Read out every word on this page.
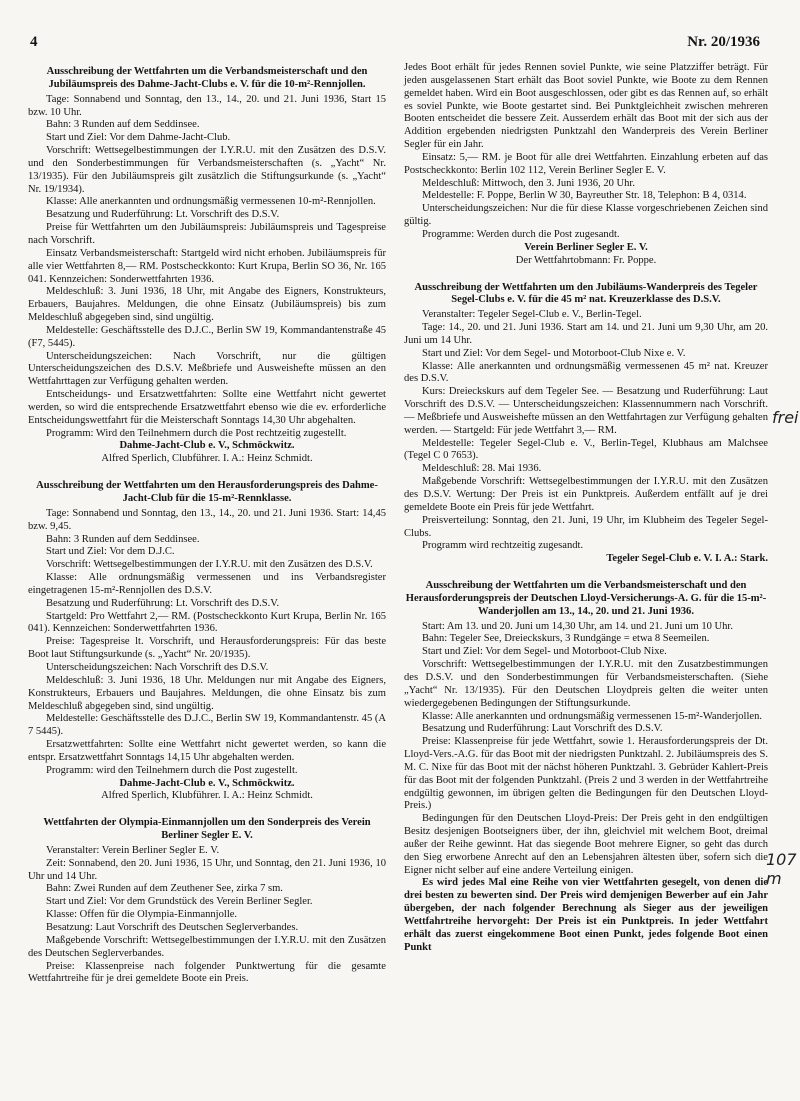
4	Nr. 20/1936
Ausschreibung der Wettfahrten um die Verbandsmeisterschaft und den Jubiläumspreis des Dahme-Jacht-Clubs e. V. für die 10-m²-Rennjollen.

Tage: Sonnabend und Sonntag, den 13., 14., 20. und 21. Juni 1936, Start 15 bzw. 10 Uhr.

Bahn: 3 Runden auf dem Seddinsee.

Start und Ziel: Vor dem Dahme-Jacht-Club.

Vorschrift: Wettsegelbestimmungen der I.Y.R.U. mit den Zusätzen des D.S.V. und den Sonderbestimmungen für Verbandsmeisterschaften (s. „Yacht“ Nr. 13/1935). Für den Jubiläumspreis gilt zusätzlich die Stiftungsurkunde (s. „Yacht“ Nr. 19/1934).

Klasse: Alle anerkannten und ordnungsmäßig vermessenen 10-m²-Rennjollen.

Besatzung und Ruderführung: Lt. Vorschrift des D.S.V.

Preise für Wettfahrten um den Jubiläumspreis: Jubiläumspreis und Tagespreise nach Vorschrift.

Einsatz Verbandsmeisterschaft: Startgeld wird nicht erhoben. Jubiläumspreis für alle vier Wettfahrten 8,— RM. Postscheckkonto: Kurt Krupa, Berlin SO 36, Nr. 165 041. Kennzeichen: Sonderwettfahrten 1936.

Meldeschluß: 3. Juni 1936, 18 Uhr, mit Angabe des Eigners, Konstrukteurs, Erbauers, Baujahres. Meldungen, die ohne Einsatz (Jubiläumspreis) bis zum Meldeschluß abgegeben sind, sind ungültig.

Meldestelle: Geschäftsstelle des D.J.C., Berlin SW 19, Kommandantenstraße 45 (F7, 5445).

Unterscheidungszeichen: Nach Vorschrift, nur die gültigen Unterscheidungszeichen des D.S.V. Meßbriefe und Ausweishefte müssen an den Wettfahrttagen zur Verfügung gehalten werden.

Entscheidungs- und Ersatzwettfahrten: Sollte eine Wettfahrt nicht gewertet werden, so wird die entsprechende Ersatzwettfahrt ebenso wie die ev. erforderliche Entscheidungswettfahrt für die Meisterschaft Sonntags 14,30 Uhr abgehalten.

Programm: Wird den Teilnehmern durch die Post rechtzeitig zugestellt.

Dahme-Jacht-Club e. V., Schmöckwitz.
Alfred Sperlich, Clubführer. I. A.: Heinz Schmidt.
Ausschreibung der Wettfahrten um den Herausforderungspreis des Dahme-Jacht-Club für die 15-m²-Rennklasse.

Tage: Sonnabend und Sonntag, den 13., 14., 20. und 21. Juni 1936. Start: 14,45 bzw. 9,45.

Bahn: 3 Runden auf dem Seddinsee.

Start und Ziel: Vor dem D.J.C.

Vorschrift: Wettsegelbestimmungen der I.Y.R.U. mit den Zusätzen des D.S.V.

Klasse: Alle ordnungsmäßig vermessenen und ins Verbandsregister eingetragenen 15-m²-Rennjollen des D.S.V.

Besatzung und Ruderführung: Lt. Vorschrift des D.S.V.

Startgeld: Pro Wettfahrt 2,— RM. (Postscheckkonto Kurt Krupa, Berlin Nr. 165 041). Kennzeichen: Sonderwettfahrten 1936.

Preise: Tagespreise lt. Vorschrift, und Herausforderungspreis: Für das beste Boot laut Stiftungsurkunde (s. „Yacht“ Nr. 20/1935).

Unterscheidungszeichen: Nach Vorschrift des D.S.V.

Meldeschluß: 3. Juni 1936, 18 Uhr. Meldungen nur mit Angabe des Eigners, Konstrukteurs, Erbauers und Baujahres. Meldungen, die ohne Einsatz bis zum Meldeschluß abgegeben sind, sind ungültig.

Meldestelle: Geschäftsstelle des D.J.C., Berlin SW 19, Kommandantenstr. 45 (A 7 5445).

Ersatzwettfahrten: Sollte eine Wettfahrt nicht gewertet werden, so kann die entspr. Ersatzwettfahrt Sonntags 14,15 Uhr abgehalten werden.

Programm: wird den Teilnehmern durch die Post zugestellt.

Dahme-Jacht-Club e. V., Schmöckwitz.
Alfred Sperlich, Klubführer. I. A.: Heinz Schmidt.
Wettfahrten der Olympia-Einmannjollen um den Sonderpreis des Verein Berliner Segler E. V.

Veranstalter: Verein Berliner Segler E. V.

Zeit: Sonnabend, den 20. Juni 1936, 15 Uhr, und Sonntag, den 21. Juni 1936, 10 Uhr und 14 Uhr.

Bahn: Zwei Runden auf dem Zeuthener See, zirka 7 sm.

Start und Ziel: Vor dem Grundstück des Verein Berliner Segler.

Klasse: Offen für die Olympia-Einmannjolle.

Besatzung: Laut Vorschrift des Deutschen Seglerverbandes.

Maßgebende Vorschrift: Wettsegelbestimmungen der I.Y.R.U. mit den Zusätzen des Deutschen Seglerverbandes.

Preise: Klassenpreise nach folgender Punktwertung für die gesamte Wettfahrtreihe für je drei gemeldete Boote ein Preis.

Jedes Boot erhält für jedes Rennen soviel Punkte, wie seine Platzziffer beträgt. Für jeden ausgelassenen Start erhält das Boot soviel Punkte, wie Boote zu dem Rennen gemeldet haben. Wird ein Boot ausgeschlossen, oder gibt es das Rennen auf, so erhält es soviel Punkte, wie Boote gestartet sind. Bei Punktgleichheit zwischen mehreren Booten entscheidet die bessere Zeit. Ausserdem erhält das Boot mit der sich aus der Addition ergebenden niedrigsten Punktzahl den Wanderpreis des Verein Berliner Segler für ein Jahr.

Einsatz: 5,— RM. je Boot für alle drei Wettfahrten. Einzahlung erbeten auf das Postscheckkonto: Berlin 102 112, Verein Berliner Segler E. V.

Meldeschluß: Mittwoch, den 3. Juni 1936, 20 Uhr.

Meldestelle: F. Poppe, Berlin W 30, Bayreuther Str. 18, Telephon: B 4, 0314.

Unterscheidungszeichen: Nur die für diese Klasse vorgeschriebenen Zeichen sind gültig.

Programme: Werden durch die Post zugesandt.

Verein Berliner Segler E. V.
Der Wettfahrtobmann: Fr. Poppe.
Ausschreibung der Wettfahrten um den Jubiläums-Wanderpreis des Tegeler Segel-Clubs e. V. für die 45 m² nat. Kreuzerklasse des D.S.V.

Veranstalter: Tegeler Segel-Club e. V., Berlin-Tegel.

Tage: 14., 20. und 21. Juni 1936. Start am 14. und 21. Juni um 9,30 Uhr, am 20. Juni um 14 Uhr.

Start und Ziel: Vor dem Segel- und Motorboot-Club Nixe e. V.

Klasse: Alle anerkannten und ordnungsmäßig vermessenen 45 m² nat. Kreuzer des D.S.V.

Kurs: Dreieckskurs auf dem Tegeler See. — Besatzung und Ruderführung: Laut Vorschrift des D.S.V. — Unterscheidungszeichen: Klassennummern nach Vorschrift. — Meßbriefe und Ausweishefte müssen an den Wettfahrtagen zur Verfügung gehalten werden. — Startgeld: Für jede Wettfahrt 3,— RM.

Meldestelle: Tegeler Segel-Club e. V., Berlin-Tegel, Klubhaus am Malchsee (Tegel C 0 7653).

Meldeschluß: 28. Mai 1936.

Maßgebende Vorschrift: Wettsegelbestimmungen der I.Y.R.U. mit den Zusätzen des D.S.V. Wertung: Der Preis ist ein Punktpreis. Außerdem entfällt auf je drei gemeldete Boote ein Preis für jede Wettfahrt.

Preisverteilung: Sonntag, den 21. Juni, 19 Uhr, im Klubheim des Tegeler Segel-Clubs.

Programm wird rechtzeitig zugesandt.

Tegeler Segel-Club e. V. I. A.: Stark.
Ausschreibung der Wettfahrten um die Verbandsmeisterschaft und den Herausforderungspreis der Deutschen Lloyd-Versicherungs-A. G. für die 15-m²-Wanderjollen am 13., 14., 20. und 21. Juni 1936.

Start: Am 13. und 20. Juni um 14,30 Uhr, am 14. und 21. Juni um 10 Uhr.

Bahn: Tegeler See, Dreieckskurs, 3 Rundgänge = etwa 8 Seemeilen.

Start und Ziel: Vor dem Segel- und Motorboot-Club Nixe.

Vorschrift: Wettsegelbestimmungen der I.Y.R.U. mit den Zusatzbestimmungen des D.S.V. und den Sonderbestimmungen für Verbandsmeisterschaften. (Siehe „Yacht“ Nr. 13/1935). Für den Deutschen Lloydpreis gelten die weiter unten wiedergegebenen Bedingungen der Stiftungsurkunde.

Klasse: Alle anerkannten und ordnungsmäßig vermessenen 15-m²-Wanderjollen.

Besatzung und Ruderführung: Laut Vorschrift des D.S.V.

Preise: Klassenpreise für jede Wettfahrt, sowie 1. Herausforderungspreis der Dt. Lloyd-Vers.-A.G. für das Boot mit der niedrigsten Punktzahl. 2. Jubiläumspreis des S. M. C. Nixe für das Boot mit der nächst höheren Punktzahl. 3. Gebrüder Kahlert-Preis für das Boot mit der folgenden Punktzahl. (Preis 2 und 3 werden in der Wettfahrtreihe endgültig gewonnen, im übrigen gelten die Bedingungen für den Deutschen Lloyd-Preis.)

Bedingungen für den Deutschen Lloyd-Preis: Der Preis geht in den endgültigen Besitz desjenigen Bootseigners über, der ihn, gleichviel mit welchem Boot, dreimal außer der Reihe gewinnt. Hat das siegende Boot mehrere Eigner, so geht das durch den Sieg erworbene Anrecht auf den an Lebensjahren ältesten über, sofern sich die Eigner nicht selber auf eine andere Verteilung einigen.

Es wird jedes Mal eine Reihe von vier Wettfahrten gesegelt, von denen die drei besten zu bewerten sind. Der Preis wird demjenigen Bewerber auf ein Jahr übergeben, der nach folgender Berechnung als Sieger aus der jeweiligen Wettfahrtreihe hervorgeht: Der Preis ist ein Punktpreis. In jeder Wettfahrt erhält das zuerst eingekommene Boot einen Punkt, jedes folgende Boot einen Punkt

frei
107 m
